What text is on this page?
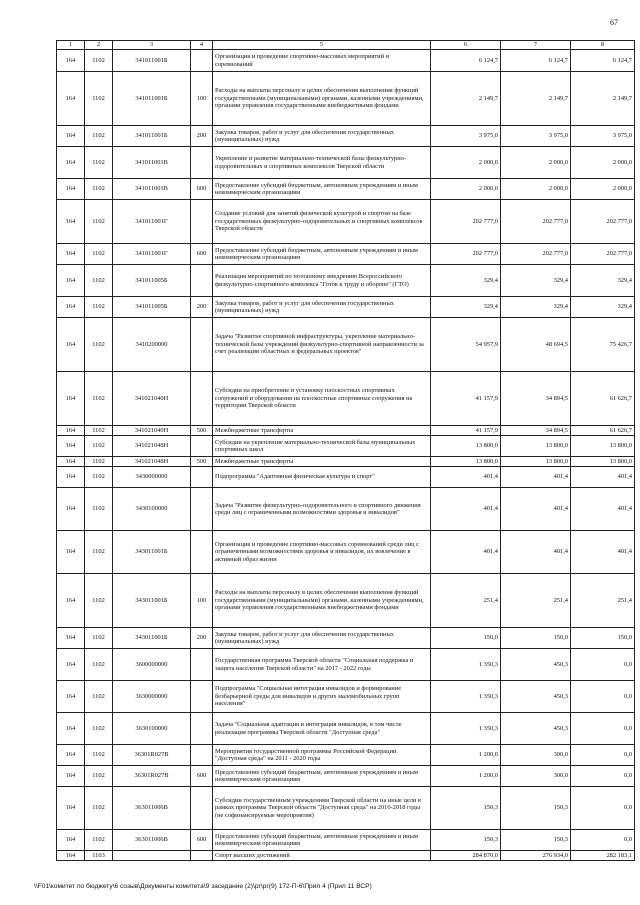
67
1	2	3	4	5	6	7	8
164	1102	341011001Б		Организация и проведение спортивно-массовых мероприятий и соревнований	6 124,7	6 124,7	6 124,7
164	1102	341011001Б	100	Расходы на выплаты персоналу в целях обеспечения выполнения функций государственными (муниципальными) органами, казенными учреждениями, органами управления государственными внебюджетными фондами	2 149,7	2 149,7	2 149,7
164	1102	341011001Б	200	Закупка товаров, работ и услуг для обеспечения государственных (муниципальных) нужд	3 975,0	3 975,0	3 975,0
164	1102	341011001В		Укрепление и развитие материально-технической базы физкультурно-оздоровительных и спортивных комплексов Тверской области	2 000,0	2 000,0	2 000,0
164	1102	341011001В	600	Предоставление субсидий бюджетным, автономным учреждениям и иным некоммерческим организациям	2 000,0	2 000,0	2 000,0
164	1102	341011001Г		Создание условий для занятий физической культурой и спортом на базе государственных физкультурно-оздоровительных и спортивных комплексов Тверской области	202 777,0	202 777,0	202 777,0
164	1102	341011001Г	600	Предоставление субсидий бюджетным, автономным учреждениям и иным некоммерческим организациям	202 777,0	202 777,0	202 777,0
164	1102	341011005Б		Реализация мероприятий по поэтапному внедрению Всероссийского физкультурно-спортивного комплекса "Готов к труду и обороне" (ГТО)	329,4	329,4	329,4
164	1102	341011005Б	200	Закупка товаров, работ и услуг для обеспечения государственных (муниципальных) нужд	329,4	329,4	329,4
164	1102	3410200000		Задача "Развитие спортивной инфраструктуры, укрепление материально-технической базы учреждений физкультурно-спортивной направленности за счет реализации областных и федеральных проектов"	54 957,9	48 694,5	75 426,7
164	1102	341021040Н		Субсидии на приобретение и установку плоскостных спортивных сооружений и оборудования на плоскостные спортивные сооружения на территории Тверской области	41 157,9	34 894,5	61 626,7
164	1102	341021040Н	500	Межбюджетные трансферты	41 157,9	34 894,5	61 626,7
164	1102	341021048Н		Субсидии на укрепление материально-технической базы муниципальных спортивных школ	13 800,0	13 800,0	13 800,0
164	1102	341021048Н	500	Межбюджетные трансферты	13 800,0	13 800,0	13 800,0
164	1102	3430000000		Подпрограмма "Адаптивная физическая культура и спорт"	401,4	401,4	401,4
164	1102	3430100000		Задача "Развитие физкультурно-оздоровительного и спортивного движения среди лиц с ограниченными возможностями здоровья и инвалидов"	401,4	401,4	401,4
164	1102	343011001Б		Организация и проведение спортивно-массовых соревнований среди лиц с ограниченными возможностями здоровья и инвалидов, их вовлечение в активный образ жизни	401,4	401,4	401,4
164	1102	343011001Б	100	Расходы на выплаты персоналу в целях обеспечения выполнения функций государственными (муниципальными) органами, казенными учреждениями, органами управления государственными внебюджетными фондами	251,4	251,4	251,4
164	1102	343011001Б	200	Закупка товаров, работ и услуг для обеспечения государственных (муниципальных) нужд	150,0	150,0	150,0
164	1102	3600000000		Государственная программа Тверской области "Социальная поддержка и защита населения Тверской области" на 2017 - 2022 годы	1 350,3	450,3	0,0
164	1102	3630000000		Подпрограмма "Социальная интеграция инвалидов и формирование безбарьерной среды для инвалидов и других маломобильных групп населения"	1 350,3	450,3	0,0
164	1102	3630100000		Задача "Социальная адаптация и интеграция инвалидов, в том числе реализация программы Тверской области "Доступная среда"	1 350,3	450,3	0,0
164	1102	36301R027В		Мероприятия государственной программы Российской Федерации "Доступная среда" на 2011 - 2020 годы	1 200,0	300,0	0,0
164	1102	36301R027В	600	Предоставление субсидий бюджетным, автономным учреждениям и иным некоммерческим организациям	1 200,0	300,0	0,0
164	1102	363011006В		Субсидии государственным учреждениям Тверской области на иные цели в рамках программы Тверской области "Доступная среда" на 2016-2018 годы (не софинансируемые мероприятия)	150,3	150,3	0,0
164	1102	363011006В	600	Предоставление субсидий бюджетным, автономным учреждениям и иным некоммерческим организациям	150,3	150,3	0,0
164	1103			Спорт высших достижений	284 870,0	276 934,0	282 183,1
\\F01\комитет по бюджету\6 созыв\Документы комитета\9 заседание (2)\рг\рг(9) 172-П-6\Прил 4 (Прил 11 ВСР)
